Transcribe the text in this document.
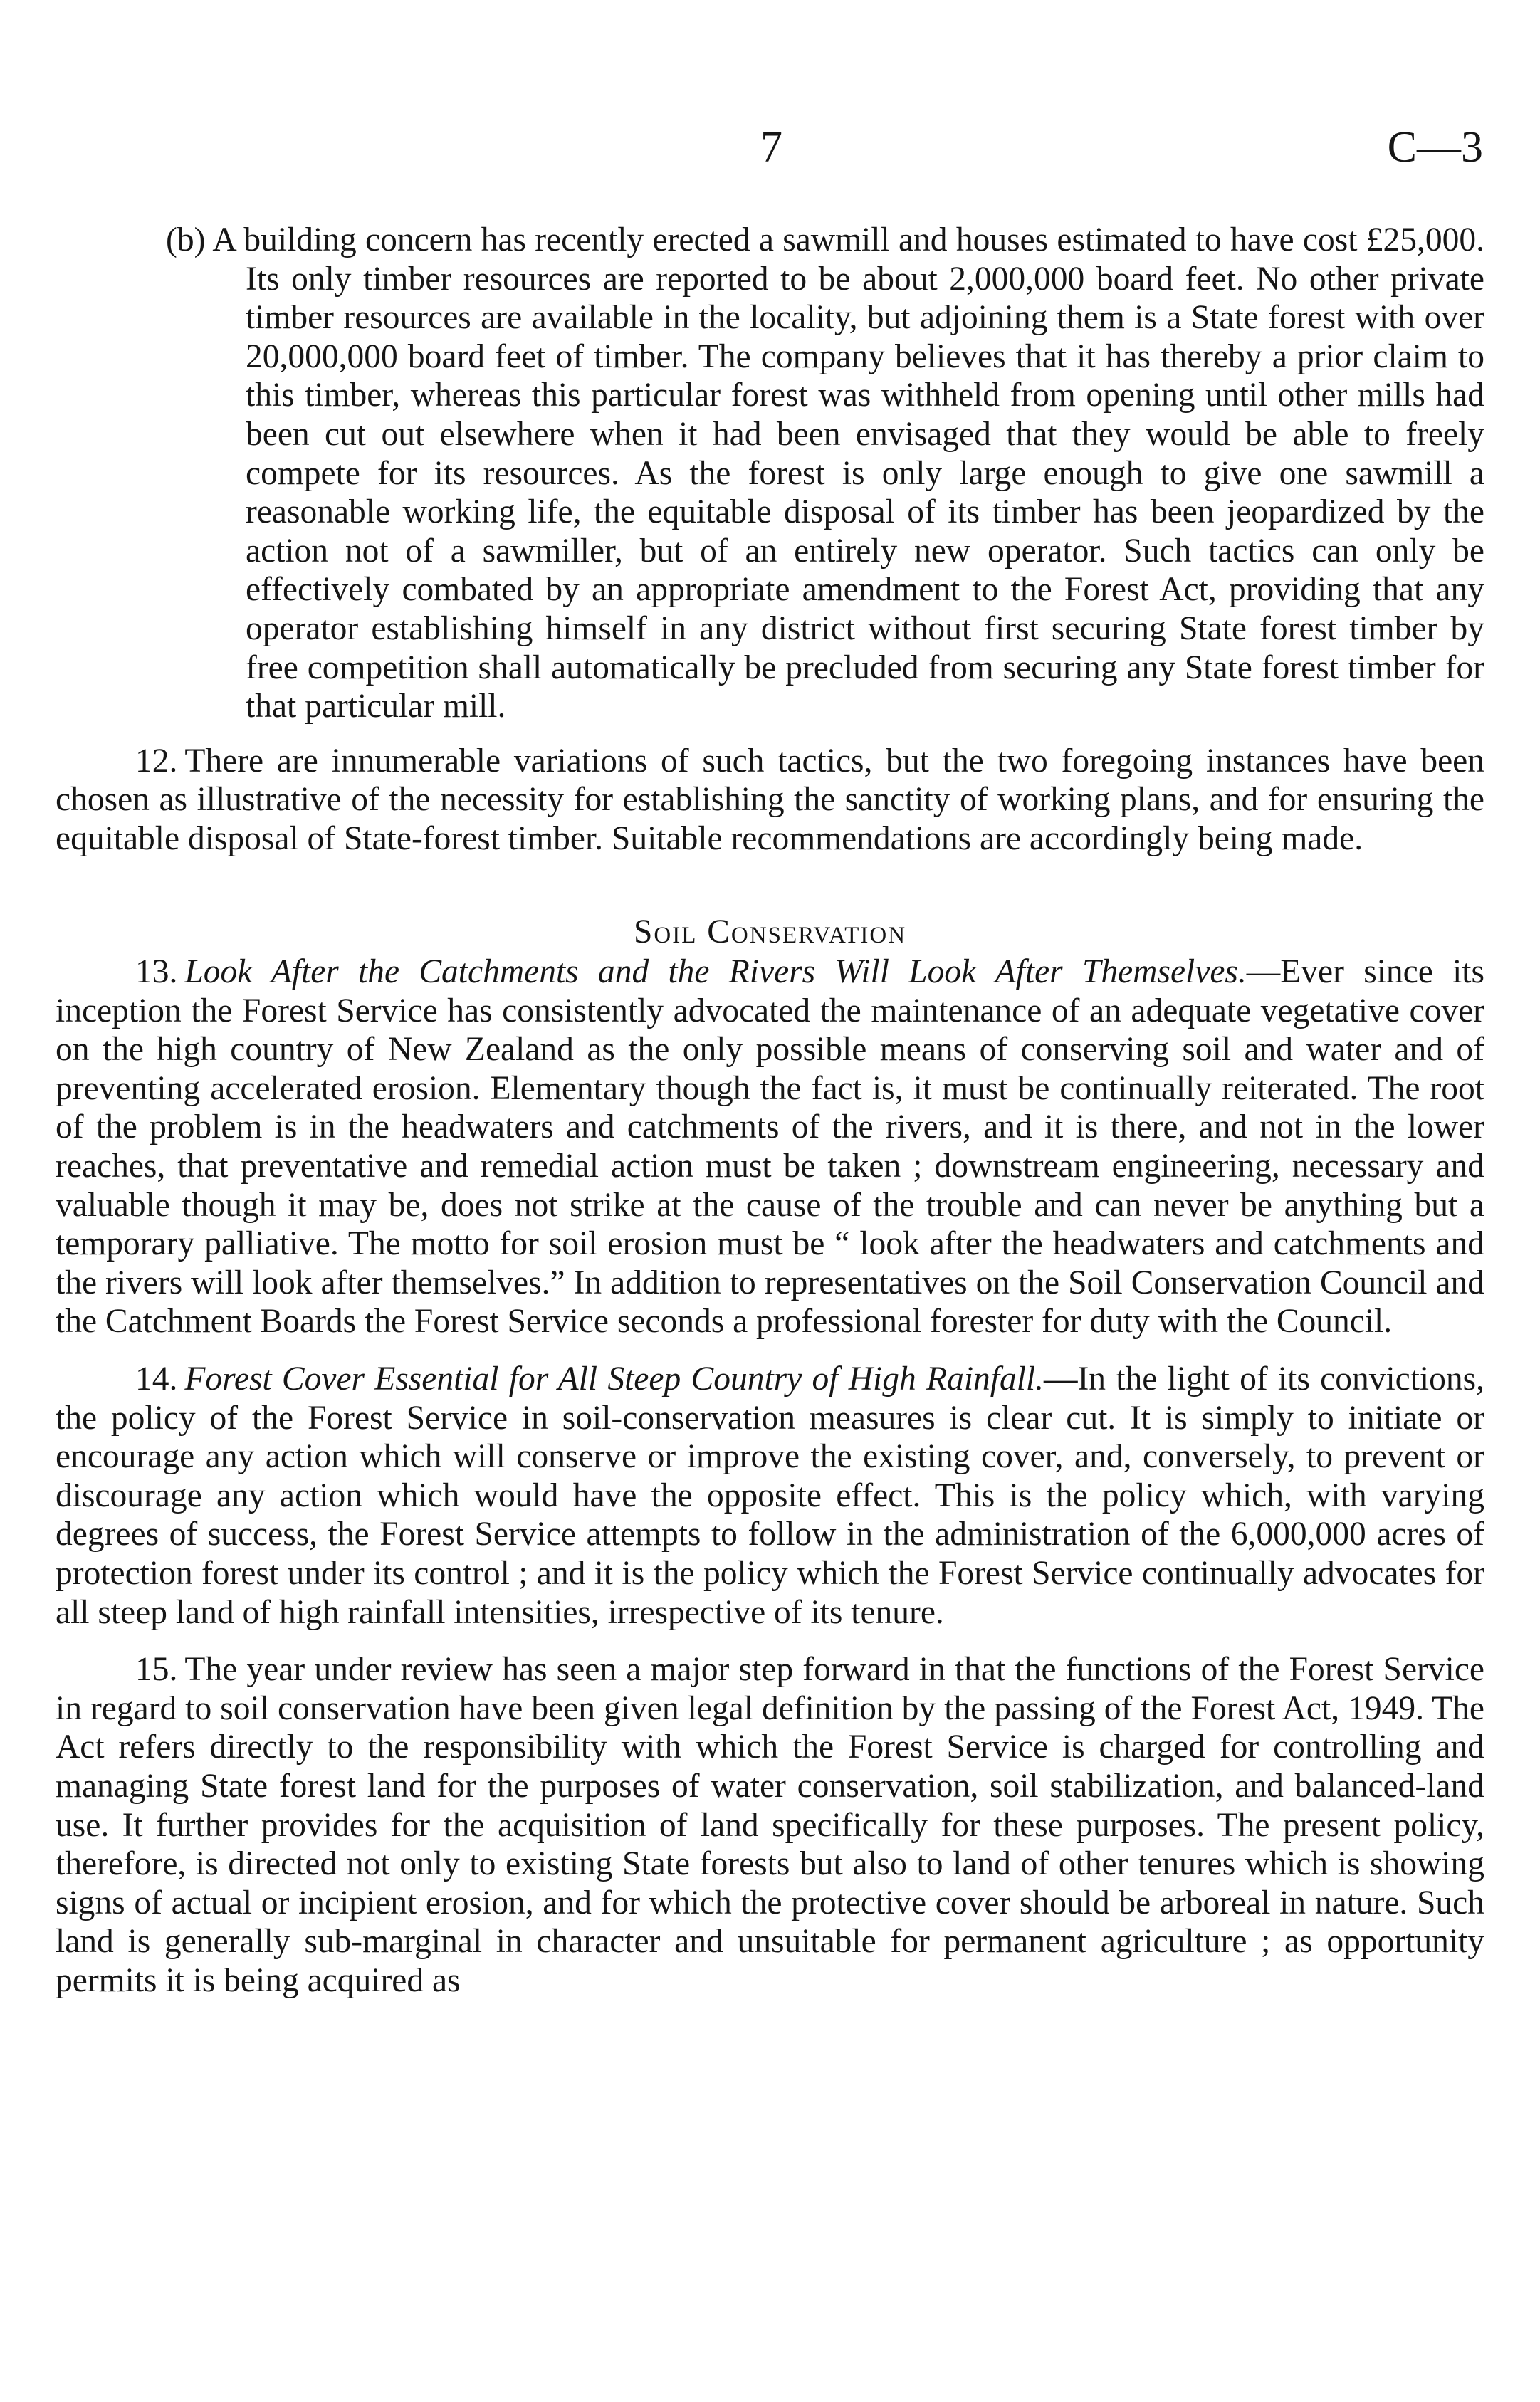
7	C—3

(b) A building concern has recently erected a sawmill and houses estimated to have cost £25,000. Its only timber resources are reported to be about 2,000,000 board feet. No other private timber resources are available in the locality, but adjoining them is a State forest with over 20,000,000 board feet of timber. The company believes that it has thereby a prior claim to this timber, whereas this particular forest was withheld from opening until other mills had been cut out elsewhere when it had been envisaged that they would be able to freely compete for its resources. As the forest is only large enough to give one sawmill a reasonable working life, the equitable disposal of its timber has been jeopardized by the action not of a sawmiller, but of an entirely new operator. Such tactics can only be effectively combated by an appropriate amendment to the Forest Act, providing that any operator establishing himself in any district without first securing State forest timber by free competition shall automatically be precluded from securing any State forest timber for that particular mill.

12. There are innumerable variations of such tactics, but the two foregoing instances have been chosen as illustrative of the necessity for establishing the sanctity of working plans, and for ensuring the equitable disposal of State-forest timber. Suitable recommendations are accordingly being made.

Soil Conservation

13. Look After the Catchments and the Rivers Will Look After Themselves.—Ever since its inception the Forest Service has consistently advocated the maintenance of an adequate vegetative cover on the high country of New Zealand as the only possible means of conserving soil and water and of preventing accelerated erosion. Elementary though the fact is, it must be continually reiterated. The root of the problem is in the headwaters and catchments of the rivers, and it is there, and not in the lower reaches, that preventative and remedial action must be taken ; downstream engineering, necessary and valuable though it may be, does not strike at the cause of the trouble and can never be anything but a temporary palliative. The motto for soil erosion must be “ look after the headwaters and catchments and the rivers will look after themselves.” In addition to representatives on the Soil Conservation Council and the Catchment Boards the Forest Service seconds a professional forester for duty with the Council.

14. Forest Cover Essential for All Steep Country of High Rainfall.—In the light of its convictions, the policy of the Forest Service in soil-conservation measures is clear cut. It is simply to initiate or encourage any action which will conserve or improve the existing cover, and, conversely, to prevent or discourage any action which would have the opposite effect. This is the policy which, with varying degrees of success, the Forest Service attempts to follow in the administration of the 6,000,000 acres of protection forest under its control ; and it is the policy which the Forest Service continually advocates for all steep land of high rainfall intensities, irrespective of its tenure.

15. The year under review has seen a major step forward in that the functions of the Forest Service in regard to soil conservation have been given legal definition by the passing of the Forest Act, 1949. The Act refers directly to the responsibility with which the Forest Service is charged for controlling and managing State forest land for the purposes of water conservation, soil stabilization, and balanced-land use. It further provides for the acquisition of land specifically for these purposes. The present policy, therefore, is directed not only to existing State forests but also to land of other tenures which is showing signs of actual or incipient erosion, and for which the protective cover should be arboreal in nature. Such land is generally sub-marginal in character and unsuitable for permanent agriculture ; as opportunity permits it is being acquired as
